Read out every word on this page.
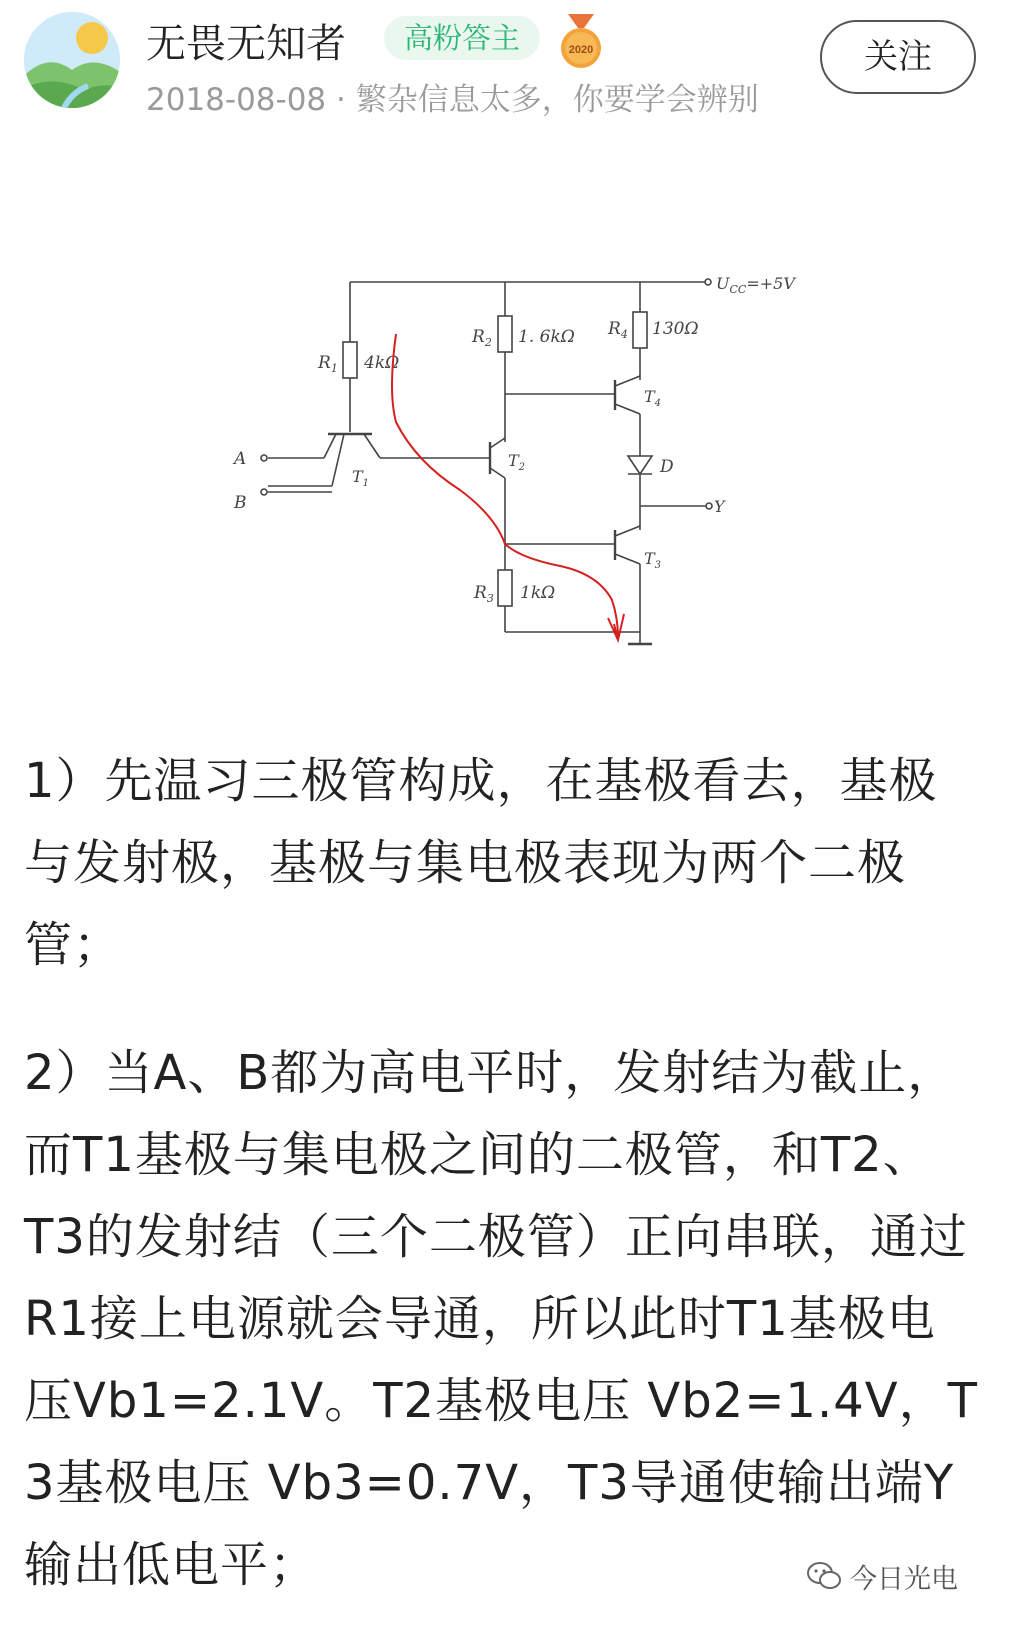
无畏无知者	高粉答主	2020
2018-08-08 · 繁杂信息太多，你要学会辨别
关注
$U_{CC}=+5V$
$R_1$ 4kΩ
A
B
$T_1$
$R_2$ 1. 6kΩ
$T_2$
$R_3$ 1kΩ
$R_4$ 130Ω
$T_4$
D
Y
$T_3$

1）先温习三极管构成，在基极看去，基极与发射极，基极与集电极表现为两个二极管；

2）当A、B都为高电平时，发射结为截止，而T1基极与集电极之间的二极管，和T2、T3的发射结（三个二极管）正向串联，通过R1接上电源就会导通，所以此时T1基极电压Vb1=2.1V。T2基极电压 Vb2=1.4V，T 3基极电压 Vb3=0.7V，T3导通使输出端Y输出低电平；	今日光电
